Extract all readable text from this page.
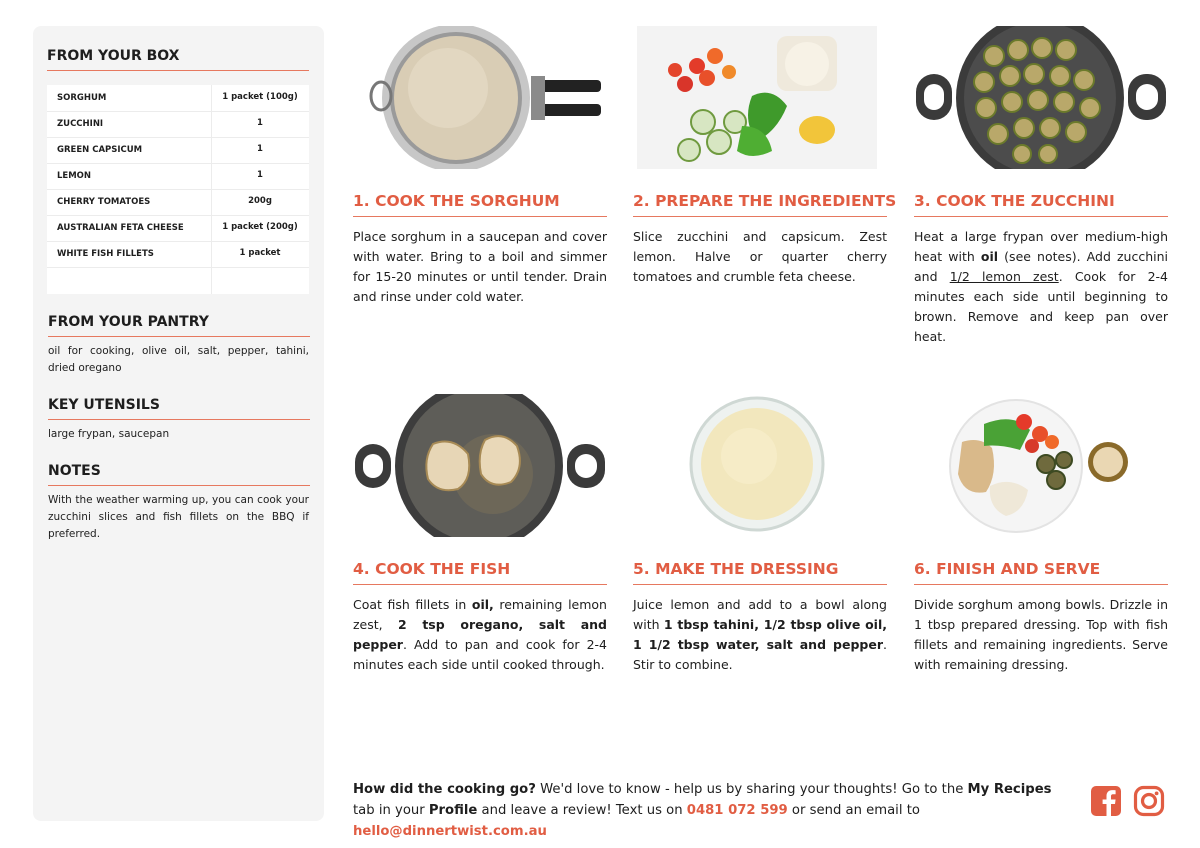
FROM YOUR BOX
SORGHUM	1 packet (100g)
ZUCCHINI	1
GREEN CAPSICUM	1
LEMON	1
CHERRY TOMATOES	200g
AUSTRALIAN FETA CHEESE	1 packet (200g)
WHITE FISH FILLETS	1 packet
FROM YOUR PANTRY
oil for cooking, olive oil, salt, pepper, tahini, dried oregano
KEY UTENSILS
large frypan, saucepan
NOTES
With the weather warming up, you can cook your zucchini slices and fish fillets on the BBQ if preferred.
1. COOK THE SORGHUM
Place sorghum in a saucepan and cover with water. Bring to a boil and simmer for 15-20 minutes or until tender. Drain and rinse under cold water.
2. PREPARE THE INGREDIENTS
Slice zucchini and capsicum. Zest lemon. Halve or quarter cherry tomatoes and crumble feta cheese.
3. COOK THE ZUCCHINI
Heat a large frypan over medium-high heat with oil (see notes). Add zucchini and 1/2 lemon zest. Cook for 2-4 minutes each side until beginning to brown. Remove and keep pan over heat.
4. COOK THE FISH
Coat fish fillets in oil, remaining lemon zest, 2 tsp oregano, salt and pepper. Add to pan and cook for 2-4 minutes each side until cooked through.
5. MAKE THE DRESSING
Juice lemon and add to a bowl along with 1 tbsp tahini, 1/2 tbsp olive oil, 1 1/2 tbsp water, salt and pepper. Stir to combine.
6. FINISH AND SERVE
Divide sorghum among bowls. Drizzle in 1 tbsp prepared dressing. Top with fish fillets and remaining ingredients. Serve with remaining dressing.
How did the cooking go? We'd love to know - help us by sharing your thoughts! Go to the My Recipes tab in your Profile and leave a review! Text us on 0481 072 599 or send an email to hello@dinnertwist.com.au
